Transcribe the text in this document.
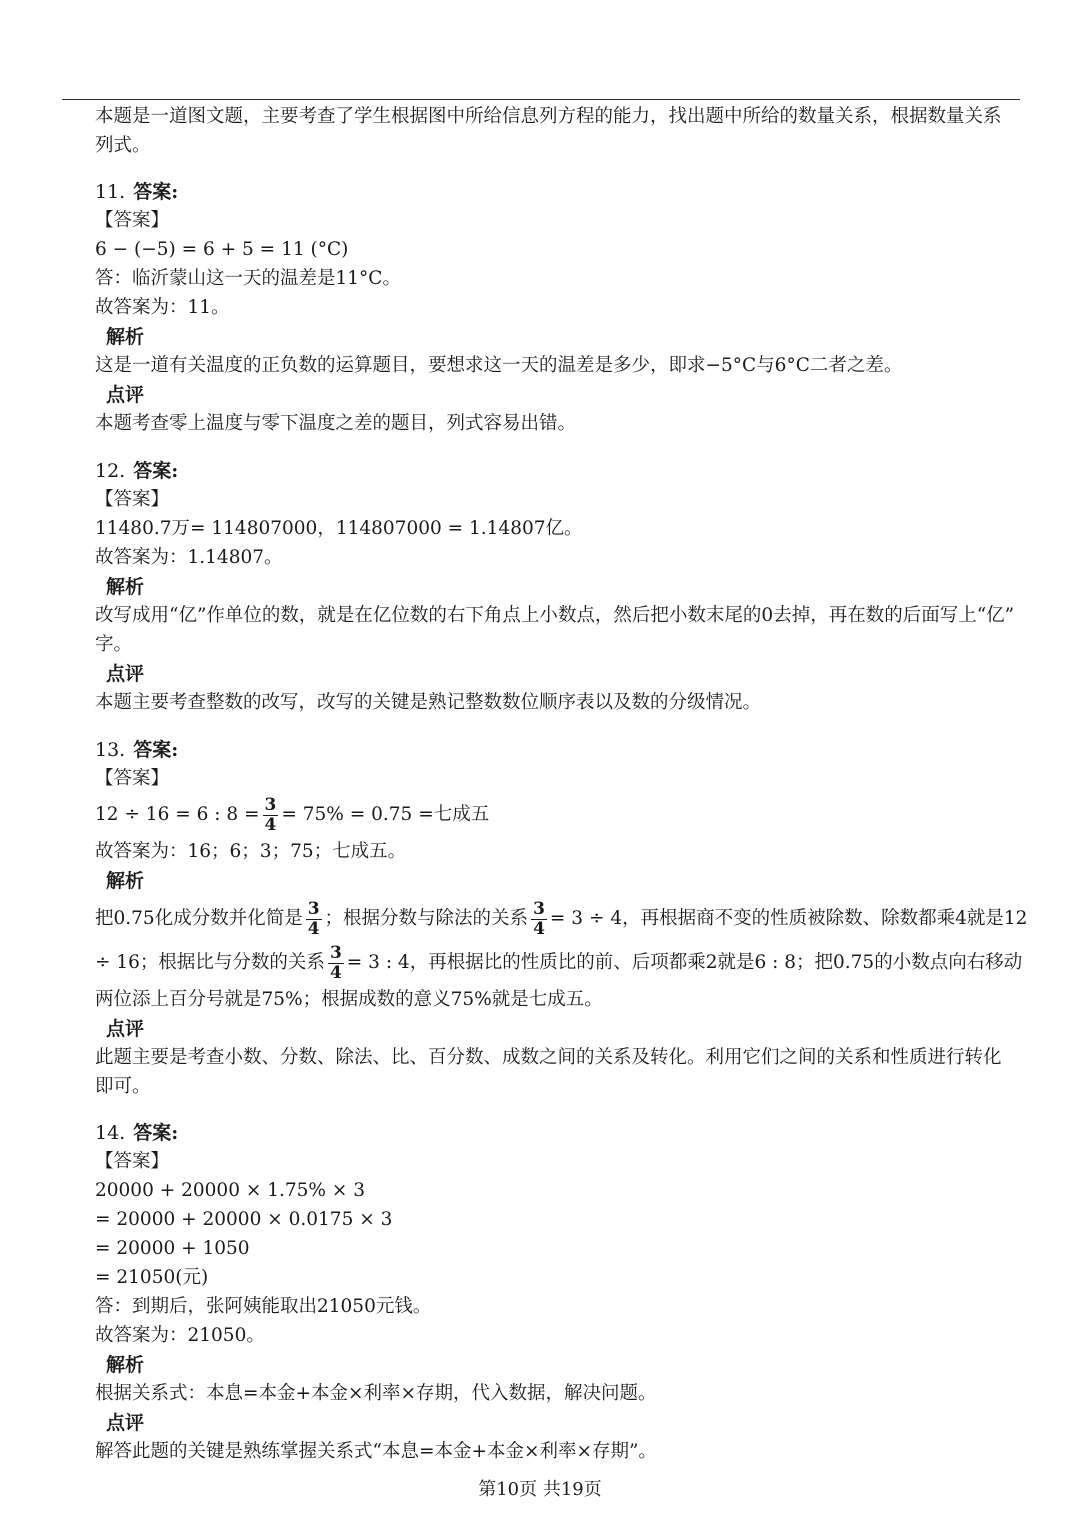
本题是一道图文题，主要考查了学生根据图中所给信息列方程的能力，找出题中所给的数量关系，根据数量关系
列式。
11. 答案:
【答案】
6 − (−5) = 6 + 5 = 11 (°C)
答：临沂蒙山这一天的温差是11°C。
故答案为：11。
解析
这是一道有关温度的正负数的运算题目，要想求这一天的温差是多少，即求−5°C与6°C二者之差。
点评
本题考查零上温度与零下温度之差的题目，列式容易出错。
12. 答案:
【答案】
11480.7万= 114807000，114807000 = 1.14807亿。
故答案为：1.14807。
解析
改写成用“亿”作单位的数，就是在亿位数的右下角点上小数点，然后把小数末尾的0去掉，再在数的后面写上“亿”
字。
点评
本题主要考查整数的改写，改写的关键是熟记整数数位顺序表以及数的分级情况。
13. 答案:
【答案】
12 ÷ 16 = 6 : $8 = \frac{3}{4} = 75\% = 0.75$ =七成五
故答案为：16；6；3；75；七成五。
解析
把0.75化成分数并化简是 $\frac{3}{4}$ ；根据分数与除法的关系 $\frac{3}{4} = 3 \div 4$，再根据商不变的性质被除数、除数都乘4就是12
÷ 16；根据比与分数的关系 $\frac{3}{4} = 3$ : 4，再根据比的性质比的前、后项都乘2就是6 : 8；把0.75的小数点向右移动
两位添上百分号就是75%；根据成数的意义75%就是七成五。
点评
此题主要是考查小数、分数、除法、比、百分数、成数之间的关系及转化。利用它们之间的关系和性质进行转化
即可。
14. 答案:
【答案】
20000 + 20000 × 1.75% × 3
= 20000 + 20000 × 0.0175 × 3
= 20000 + 1050
= 21050(元)
答：到期后，张阿姨能取出21050元钱。
故答案为：21050。
解析
根据关系式：本息=本金+本金×利率×存期，代入数据，解决问题。
点评
解答此题的关键是熟练掌握关系式“本息=本金+本金×利率×存期”。
第10页 共19页
